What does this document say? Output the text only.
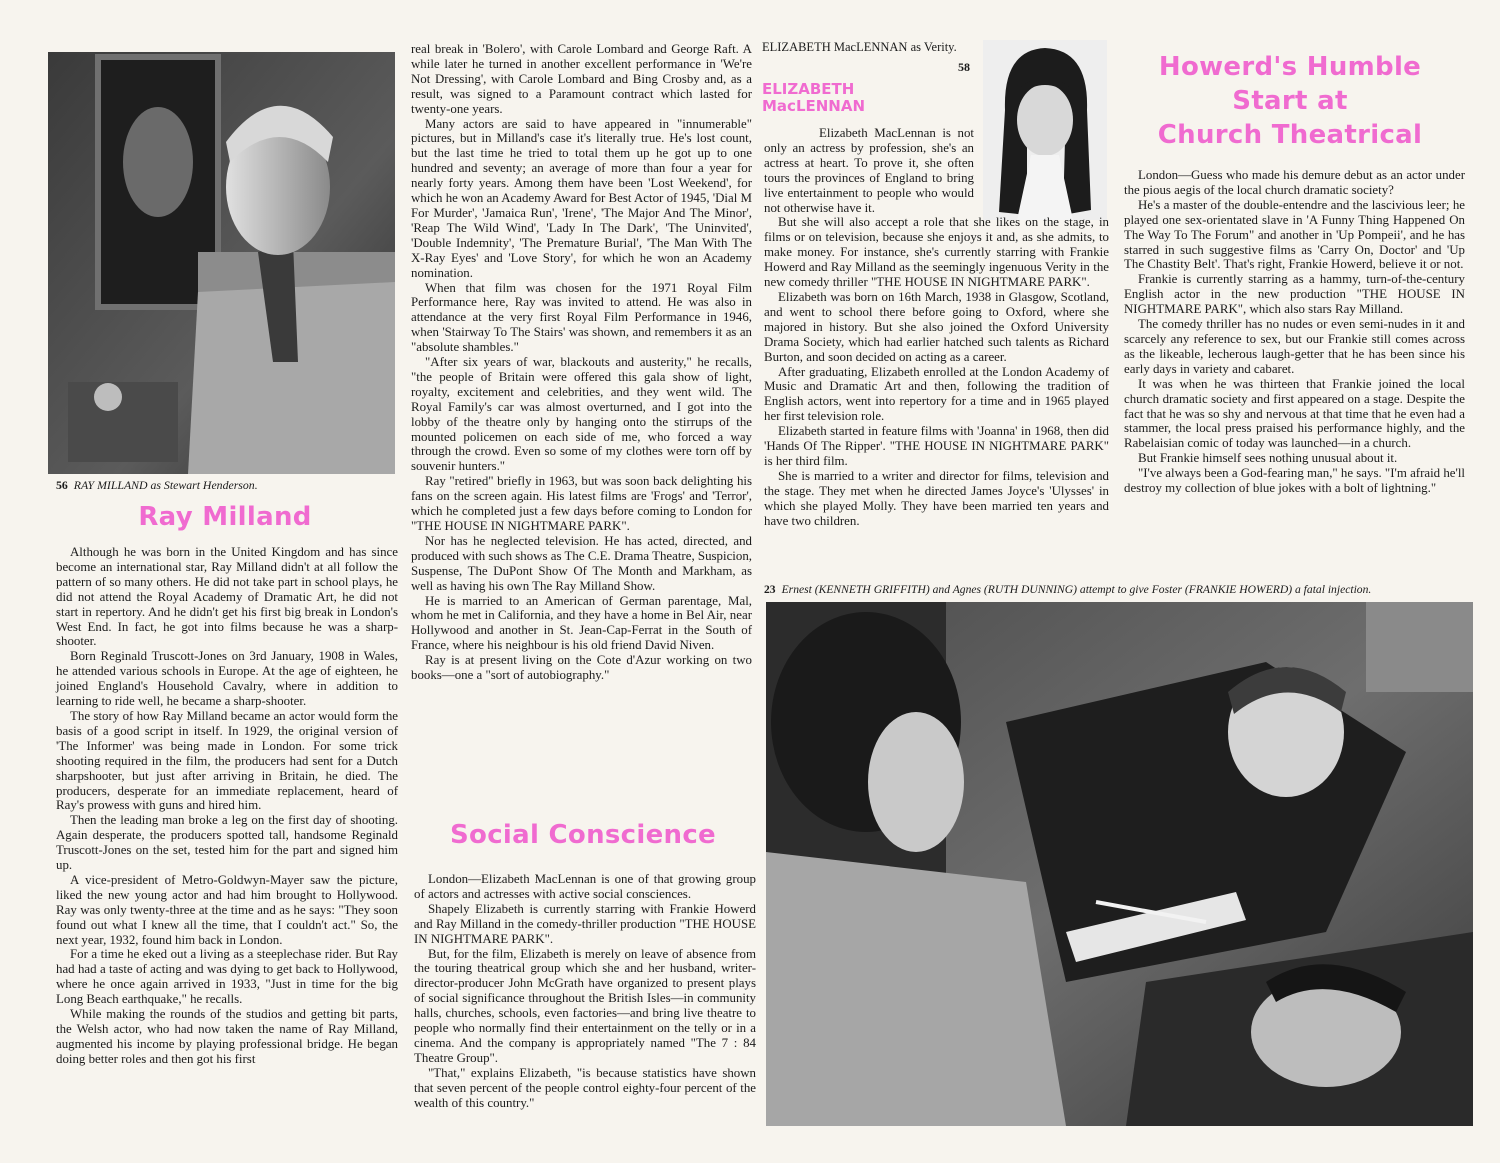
56 RAY MILLAND as Stewart Henderson.

Ray Milland

Although he was born in the United Kingdom and has since become an international star, Ray Milland didn't at all follow the pattern of so many others. He did not take part in school plays, he did not attend the Royal Academy of Dramatic Art, he did not start in repertory. And he didn't get his first big break in London's West End. In fact, he got into films because he was a sharp-shooter.

Born Reginald Truscott-Jones on 3rd January, 1908 in Wales, he attended various schools in Europe. At the age of eighteen, he joined England's Household Cavalry, where in addition to learning to ride well, he became a sharp-shooter.

The story of how Ray Milland became an actor would form the basis of a good script in itself. In 1929, the original version of 'The Informer' was being made in London. For some trick shooting required in the film, the producers had sent for a Dutch sharpshooter, but just after arriving in Britain, he died. The producers, desperate for an immediate replacement, heard of Ray's prowess with guns and hired him.

Then the leading man broke a leg on the first day of shooting. Again desperate, the producers spotted tall, handsome Reginald Truscott-Jones on the set, tested him for the part and signed him up.

A vice-president of Metro-Goldwyn-Mayer saw the picture, liked the new young actor and had him brought to Hollywood. Ray was only twenty-three at the time and as he says: "They soon found out what I knew all the time, that I couldn't act." So, the next year, 1932, found him back in London.

For a time he eked out a living as a steeplechase rider. But Ray had had a taste of acting and was dying to get back to Hollywood, where he once again arrived in 1933, "Just in time for the big Long Beach earthquake," he recalls.

While making the rounds of the studios and getting bit parts, the Welsh actor, who had now taken the name of Ray Milland, augmented his income by playing professional bridge. He began doing better roles and then got his first

real break in 'Bolero', with Carole Lombard and George Raft. A while later he turned in another excellent performance in 'We're Not Dressing', with Carole Lombard and Bing Crosby and, as a result, was signed to a Paramount contract which lasted for twenty-one years.

Many actors are said to have appeared in "innumerable" pictures, but in Milland's case it's literally true. He's lost count, but the last time he tried to total them up he got up to one hundred and seventy; an average of more than four a year for nearly forty years. Among them have been 'Lost Weekend', for which he won an Academy Award for Best Actor of 1945, 'Dial M For Murder', 'Jamaica Run', 'Irene', 'The Major And The Minor', 'Reap The Wild Wind', 'Lady In The Dark', 'The Uninvited', 'Double Indemnity', 'The Premature Burial', 'The Man With The X-Ray Eyes' and 'Love Story', for which he won an Academy nomination.

When that film was chosen for the 1971 Royal Film Performance here, Ray was invited to attend. He was also in attendance at the very first Royal Film Performance in 1946, when 'Stairway To The Stairs' was shown, and remembers it as an "absolute shambles."

"After six years of war, blackouts and austerity," he recalls, "the people of Britain were offered this gala show of light, royalty, excitement and celebrities, and they went wild. The Royal Family's car was almost overturned, and I got into the lobby of the theatre only by hanging onto the stirrups of the mounted policemen on each side of me, who forced a way through the crowd. Even so some of my clothes were torn off by souvenir hunters."

Ray "retired" briefly in 1963, but was soon back delighting his fans on the screen again. His latest films are 'Frogs' and 'Terror', which he completed just a few days before coming to London for "THE HOUSE IN NIGHTMARE PARK".

Nor has he neglected television. He has acted, directed, and produced with such shows as The C.E. Drama Theatre, Suspicion, Suspense, The DuPont Show Of The Month and Markham, as well as having his own The Ray Milland Show.

He is married to an American of German parentage, Mal, whom he met in California, and they have a home in Bel Air, near Hollywood and another in St. Jean-Cap-Ferrat in the South of France, where his neighbour is his old friend David Niven.

Ray is at present living on the Cote d'Azur working on two books—one a "sort of autobiography."

Social Conscience

London—Elizabeth MacLennan is one of that growing group of actors and actresses with active social consciences.

Shapely Elizabeth is currently starring with Frankie Howerd and Ray Milland in the comedy-thriller production "THE HOUSE IN NIGHTMARE PARK".

But, for the film, Elizabeth is merely on leave of absence from the touring theatrical group which she and her husband, writer-director-producer John McGrath have organized to present plays of social significance throughout the British Isles—in community halls, churches, schools, even factories—and bring live theatre to people who normally find their entertainment on the telly or in a cinema. And the company is appropriately named "The 7 : 84 Theatre Group".

"That," explains Elizabeth, "is because statistics have shown that seven percent of the people control eighty-four percent of the wealth of this country."

ELIZABETH MacLENNAN as Verity.

58

ELIZABETH
MacLENNAN

Elizabeth MacLennan is not only an actress by profession, she's an actress at heart. To prove it, she often tours the provinces of England to bring live entertainment to people who would not otherwise have it.

But she will also accept a role that she likes on the stage, in films or on television, because she enjoys it and, as she admits, to make money. For instance, she's currently starring with Frankie Howerd and Ray Milland as the seemingly ingenuous Verity in the new comedy thriller "THE HOUSE IN NIGHTMARE PARK".

Elizabeth was born on 16th March, 1938 in Glasgow, Scotland, and went to school there before going to Oxford, where she majored in history. But she also joined the Oxford University Drama Society, which had earlier hatched such talents as Richard Burton, and soon decided on acting as a career.

After graduating, Elizabeth enrolled at the London Academy of Music and Dramatic Art and then, following the tradition of English actors, went into repertory for a time and in 1965 played her first television role.

Elizabeth started in feature films with 'Joanna' in 1968, then did 'Hands Of The Ripper'. "THE HOUSE IN NIGHTMARE PARK" is her third film.

She is married to a writer and director for films, television and the stage. They met when he directed James Joyce's 'Ulysses' in which she played Molly. They have been married ten years and have two children.

Howerd's Humble
Start at
Church Theatrical

London—Guess who made his demure debut as an actor under the pious aegis of the local church dramatic society?

He's a master of the double-entendre and the lascivious leer; he played one sex-orientated slave in 'A Funny Thing Happened On The Way To The Forum" and another in 'Up Pompeii', and he has starred in such suggestive films as 'Carry On, Doctor' and 'Up The Chastity Belt'. That's right, Frankie Howerd, believe it or not.

Frankie is currently starring as a hammy, turn-of-the-century English actor in the new production "THE HOUSE IN NIGHTMARE PARK", which also stars Ray Milland.

The comedy thriller has no nudes or even semi-nudes in it and scarcely any reference to sex, but our Frankie still comes across as the likeable, lecherous laugh-getter that he has been since his early days in variety and cabaret.

It was when he was thirteen that Frankie joined the local church dramatic society and first appeared on a stage. Despite the fact that he was so shy and nervous at that time that he even had a stammer, the local press praised his performance highly, and the Rabelaisian comic of today was launched—in a church.

But Frankie himself sees nothing unusual about it.

"I've always been a God-fearing man," he says. "I'm afraid he'll destroy my collection of blue jokes with a bolt of lightning."

23 Ernest (KENNETH GRIFFITH) and Agnes (RUTH DUNNING) attempt to give Foster (FRANKIE HOWERD) a fatal injection.
